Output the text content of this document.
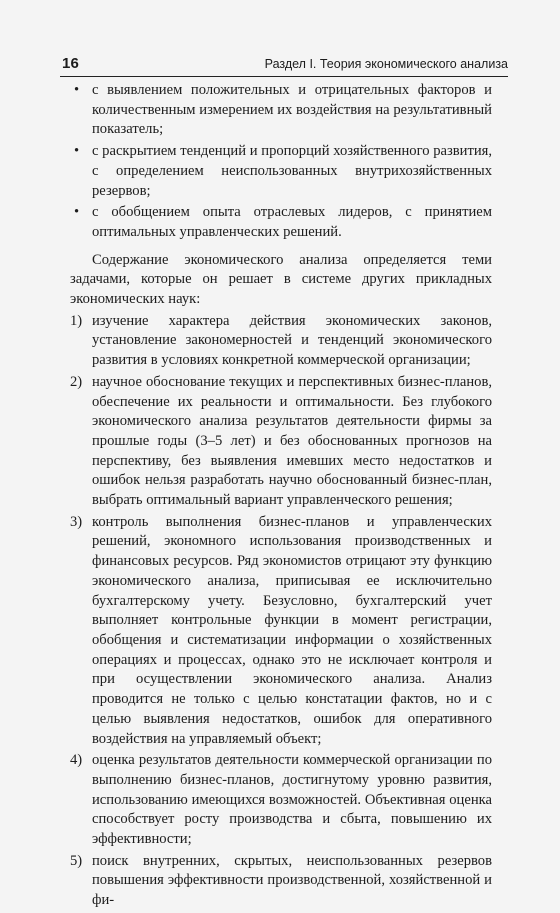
16	Раздел I. Теория экономического анализа
• с выявлением положительных и отрицательных факторов и количественным измерением их воздействия на результативный показатель;
• с раскрытием тенденций и пропорций хозяйственного развития, с определением неиспользованных внутрихозяйственных резервов;
• с обобщением опыта отраслевых лидеров, с принятием оптимальных управленческих решений.

Содержание экономического анализа определяется теми задачами, которые он решает в системе других прикладных экономических наук:

1) изучение характера действия экономических законов, установление закономерностей и тенденций экономического развития в условиях конкретной коммерческой организации;
2) научное обоснование текущих и перспективных бизнес-планов, обеспечение их реальности и оптимальности. Без глубокого экономического анализа результатов деятельности фирмы за прошлые годы (3–5 лет) и без обоснованных прогнозов на перспективу, без выявления имевших место недостатков и ошибок нельзя разработать научно обоснованный бизнес-план, выбрать оптимальный вариант управленческого решения;
3) контроль выполнения бизнес-планов и управленческих решений, экономного использования производственных и финансовых ресурсов. Ряд экономистов отрицают эту функцию экономического анализа, приписывая ее исключительно бухгалтерскому учету. Безусловно, бухгалтерский учет выполняет контрольные функции в момент регистрации, обобщения и систематизации информации о хозяйственных операциях и процессах, однако это не исключает контроля и при осуществлении экономического анализа. Анализ проводится не только с целью констатации фактов, но и с целью выявления недостатков, ошибок для оперативного воздействия на управляемый объект;
4) оценка результатов деятельности коммерческой организации по выполнению бизнес-планов, достигнутому уровню развития, использованию имеющихся возможностей. Объективная оценка способствует росту производства и сбыта, повышению их эффективности;
5) поиск внутренних, скрытых, неиспользованных резервов повышения эффективности производственной, хозяйственной и фи-
